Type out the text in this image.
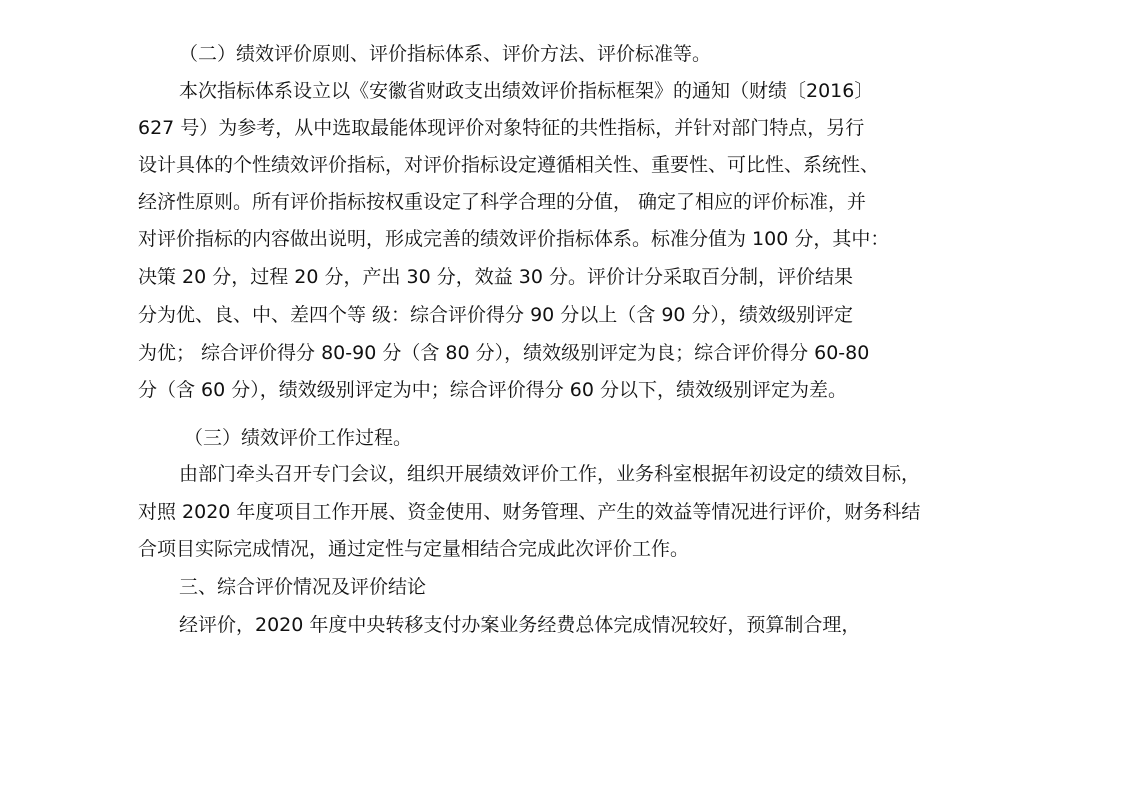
（二）绩效评价原则、评价指标体系、评价方法、评价标准等。
本次指标体系设立以《安徽省财政支出绩效评价指标框架》的通知（财绩〔2016〕
627 号）为参考，从中选取最能体现评价对象特征的共性指标，并针对部门特点，另行
设计具体的个性绩效评价指标，对评价指标设定遵循相关性、重要性、可比性、系统性、
经济性原则。所有评价指标按权重设定了科学合理的分值， 确定了相应的评价标准，并
对评价指标的内容做出说明，形成完善的绩效评价指标体系。标准分值为 100 分，其中：
决策 20 分，过程 20 分，产出 30 分，效益 30 分。评价计分采取百分制，评价结果
分为优、良、中、差四个等 级：综合评价得分 90 分以上（含 90 分），绩效级别评定
为优； 综合评价得分 80-90 分（含 80 分），绩效级别评定为良；综合评价得分 60-80
分（含 60 分），绩效级别评定为中；综合评价得分 60 分以下，绩效级别评定为差。
（三）绩效评价工作过程。
由部门牵头召开专门会议，组织开展绩效评价工作，业务科室根据年初设定的绩效目标，
对照 2020 年度项目工作开展、资金使用、财务管理、产生的效益等情况进行评价，财务科结
合项目实际完成情况，通过定性与定量相结合完成此次评价工作。
三、综合评价情况及评价结论
经评价，2020 年度中央转移支付办案业务经费总体完成情况较好，预算制合理，
